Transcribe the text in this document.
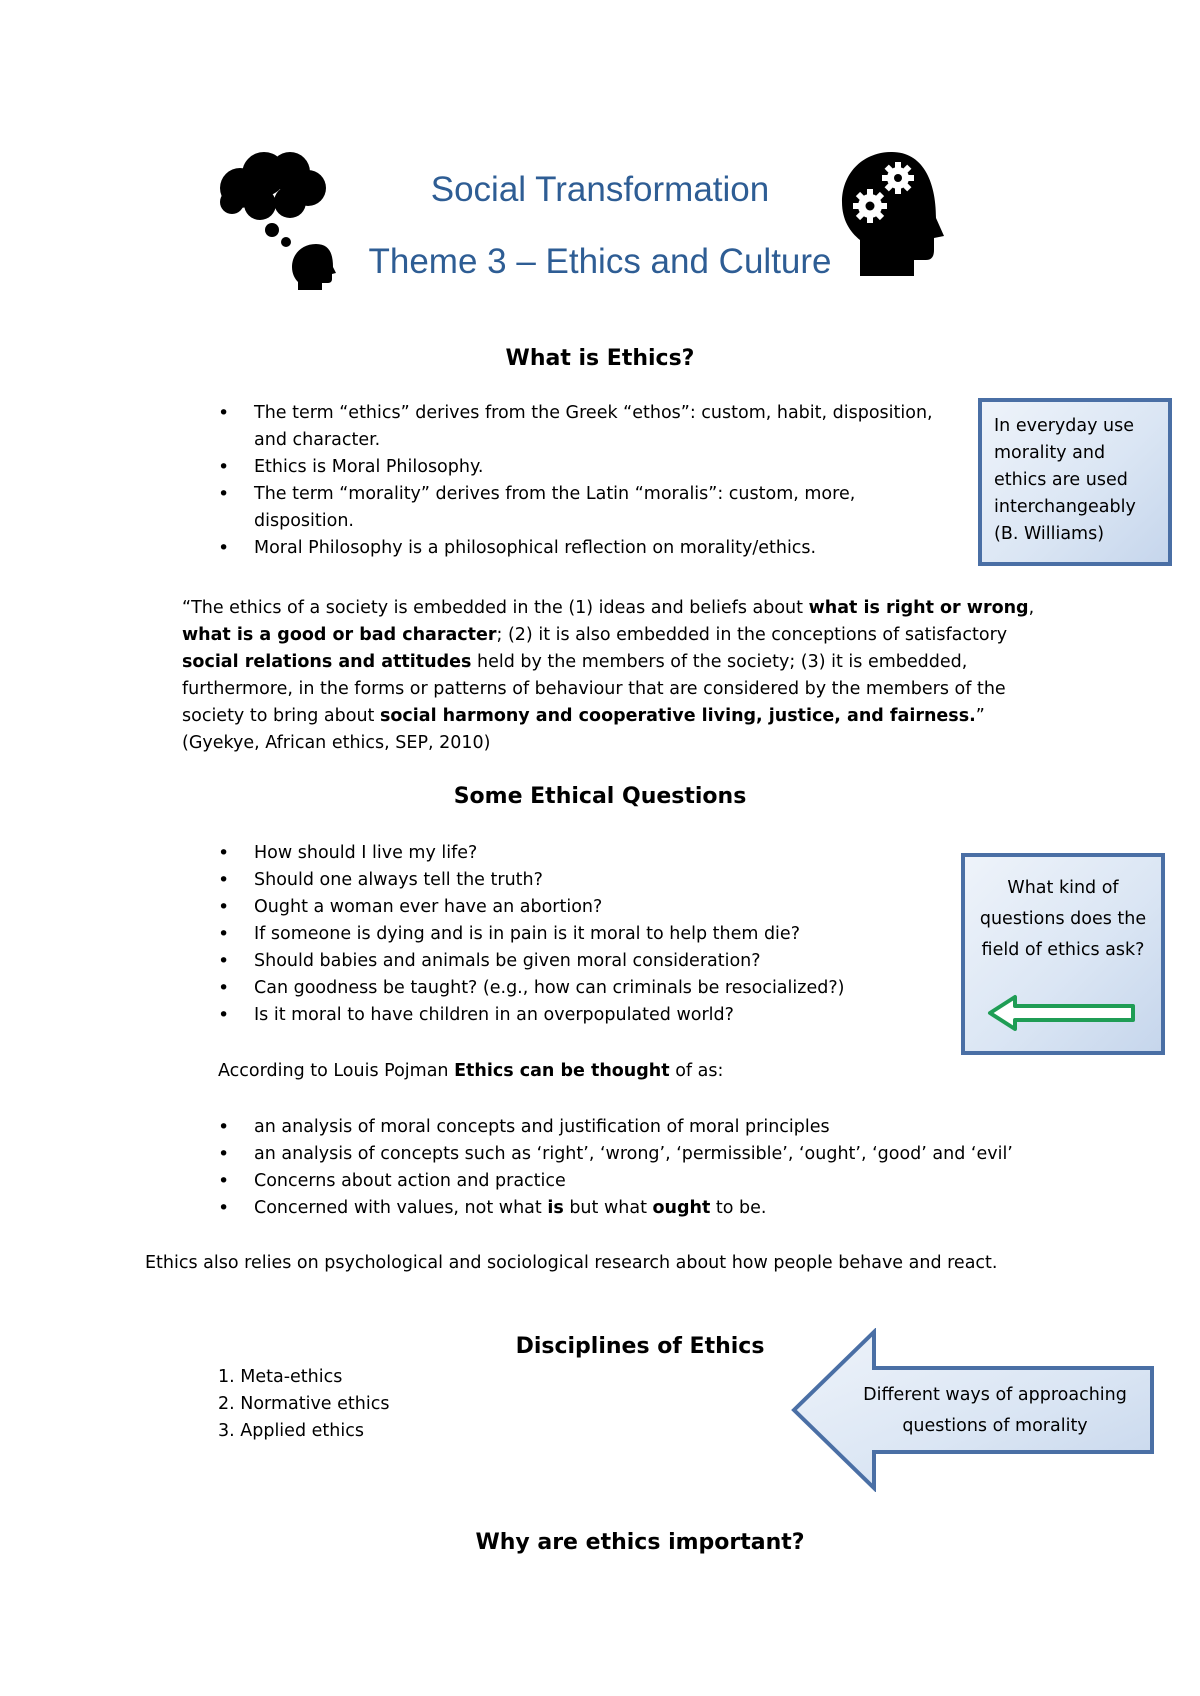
Social Transformation
Theme 3 – Ethics and Culture
What is Ethics?
• The term “ethics” derives from the Greek “ethos”: custom, habit, disposition, and character.
• Ethics is Moral Philosophy.
• The term “morality” derives from the Latin “moralis”: custom, more, disposition.
• Moral Philosophy is a philosophical reflection on morality/ethics.
In everyday use morality and ethics are used interchangeably (B. Williams)
“The ethics of a society is embedded in the (1) ideas and beliefs about what is right or wrong, what is a good or bad character; (2) it is also embedded in the conceptions of satisfactory social relations and attitudes held by the members of the society; (3) it is embedded, furthermore, in the forms or patterns of behaviour that are considered by the members of the society to bring about social harmony and cooperative living, justice, and fairness.” (Gyekye, African ethics, SEP, 2010)
Some Ethical Questions
• How should I live my life?
• Should one always tell the truth?
• Ought a woman ever have an abortion?
• If someone is dying and is in pain is it moral to help them die?
• Should babies and animals be given moral consideration?
• Can goodness be taught? (e.g., how can criminals be resocialized?)
• Is it moral to have children in an overpopulated world?
What kind of questions does the field of ethics ask?
According to Louis Pojman Ethics can be thought of as:
• an analysis of moral concepts and justification of moral principles
• an analysis of concepts such as ‘right’, ‘wrong’, ‘permissible’, ‘ought’, ‘good’ and ‘evil’
• Concerns about action and practice
• Concerned with values, not what is but what ought to be.
Ethics also relies on psychological and sociological research about how people behave and react.
Disciplines of Ethics
1. Meta-ethics
2. Normative ethics
3. Applied ethics
Different ways of approaching questions of morality
Why are ethics important?
